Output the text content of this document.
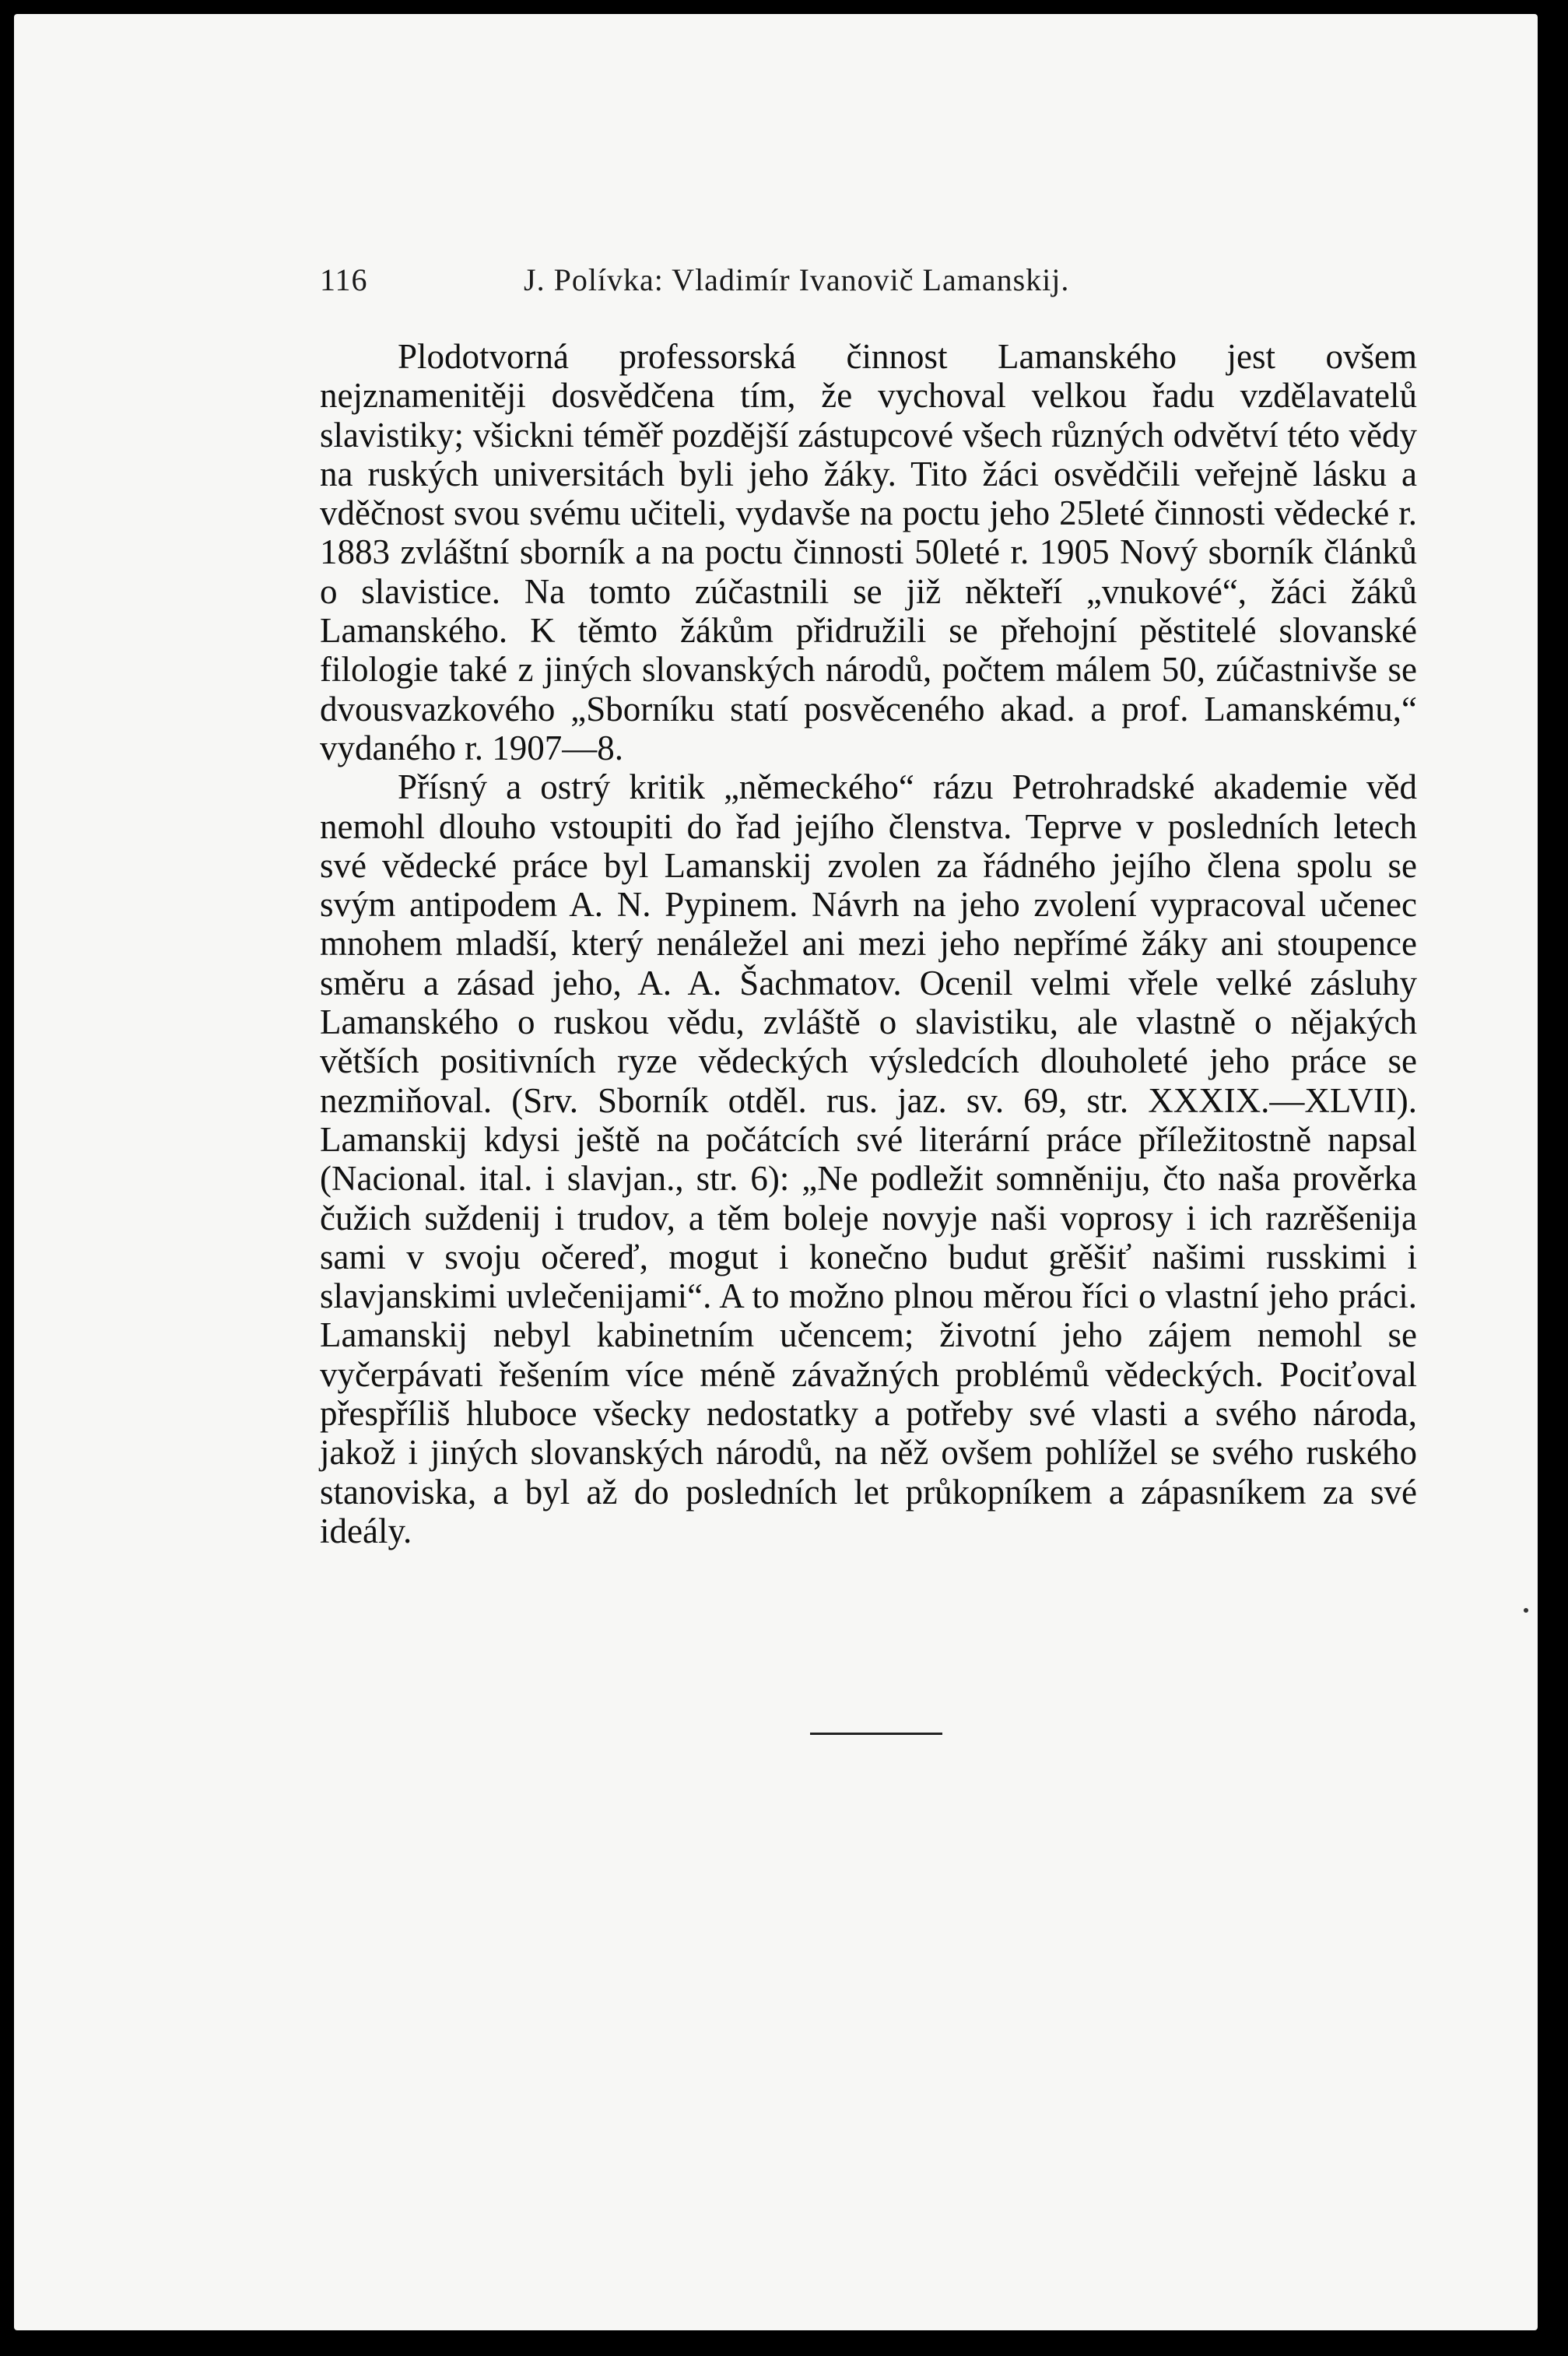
116	J. Polívka: Vladimír Ivanovič Lamanskij.

Plodotvorná professorská činnost Lamanského jest ovšem nejznamenitěji dosvědčena tím, že vychoval velkou řadu vzdělavatelů slavistiky; všickni téměř pozdější zástupcové všech různých odvětví této vědy na ruských universitách byli jeho žáky. Tito žáci osvědčili veřejně lásku a vděčnost svou svému učiteli, vydavše na poctu jeho 25leté činnosti vědecké r. 1883 zvláštní sborník a na poctu činnosti 50leté r. 1905 Nový sborník článků o slavistice. Na tomto zúčastnili se již někteří „vnukové“, žáci žáků Lamanského. K těmto žákům přidružili se přehojní pěstitelé slovanské filologie také z jiných slovanských národů, počtem málem 50, zúčastnivše se dvousvazkového „Sborníku statí posvěceného akad. a prof. Lamanskému,“ vydaného r. 1907—8.

Přísný a ostrý kritik „německého“ rázu Petrohradské akademie věd nemohl dlouho vstoupiti do řad jejího členstva. Teprve v posledních letech své vědecké práce byl Lamanskij zvolen za řádného jejího člena spolu se svým antipodem A. N. Pypinem. Návrh na jeho zvolení vypracoval učenec mnohem mladší, který nenáležel ani mezi jeho nepřímé žáky ani stoupence směru a zásad jeho, A. A. Šachmatov. Ocenil velmi vřele velké zásluhy Lamanského o ruskou vědu, zvláště o slavistiku, ale vlastně o nějakých větších positivních ryze vědeckých výsledcích dlouholeté jeho práce se nezmiňoval. (Srv. Sborník otděl. rus. jaz. sv. 69, str. XXXIX.—XLVII). Lamanskij kdysi ještě na počátcích své literární práce příležitostně napsal (Nacional. ital. i slavjan., str. 6): „Ne podležit somněniju, čto naša prověrka čužich suždenij i trudov, a těm boleje novyje naši voprosy i ich razrěšenija sami v svoju očereď, mogut i konečno budut grěšiť našimi russkimi i slavjanskimi uvlečenijami“. A to možno plnou měrou říci o vlastní jeho práci. Lamanskij nebyl kabinetním učencem; životní jeho zájem nemohl se vyčerpávati řešením více méně závažných problémů vědeckých. Pociťoval přespříliš hluboce všecky nedostatky a potřeby své vlasti a svého národa, jakož i jiných slovanských národů, na něž ovšem pohlížel se svého ruského stanoviska, a byl až do posledních let průkopníkem a zápasníkem za své ideály.
